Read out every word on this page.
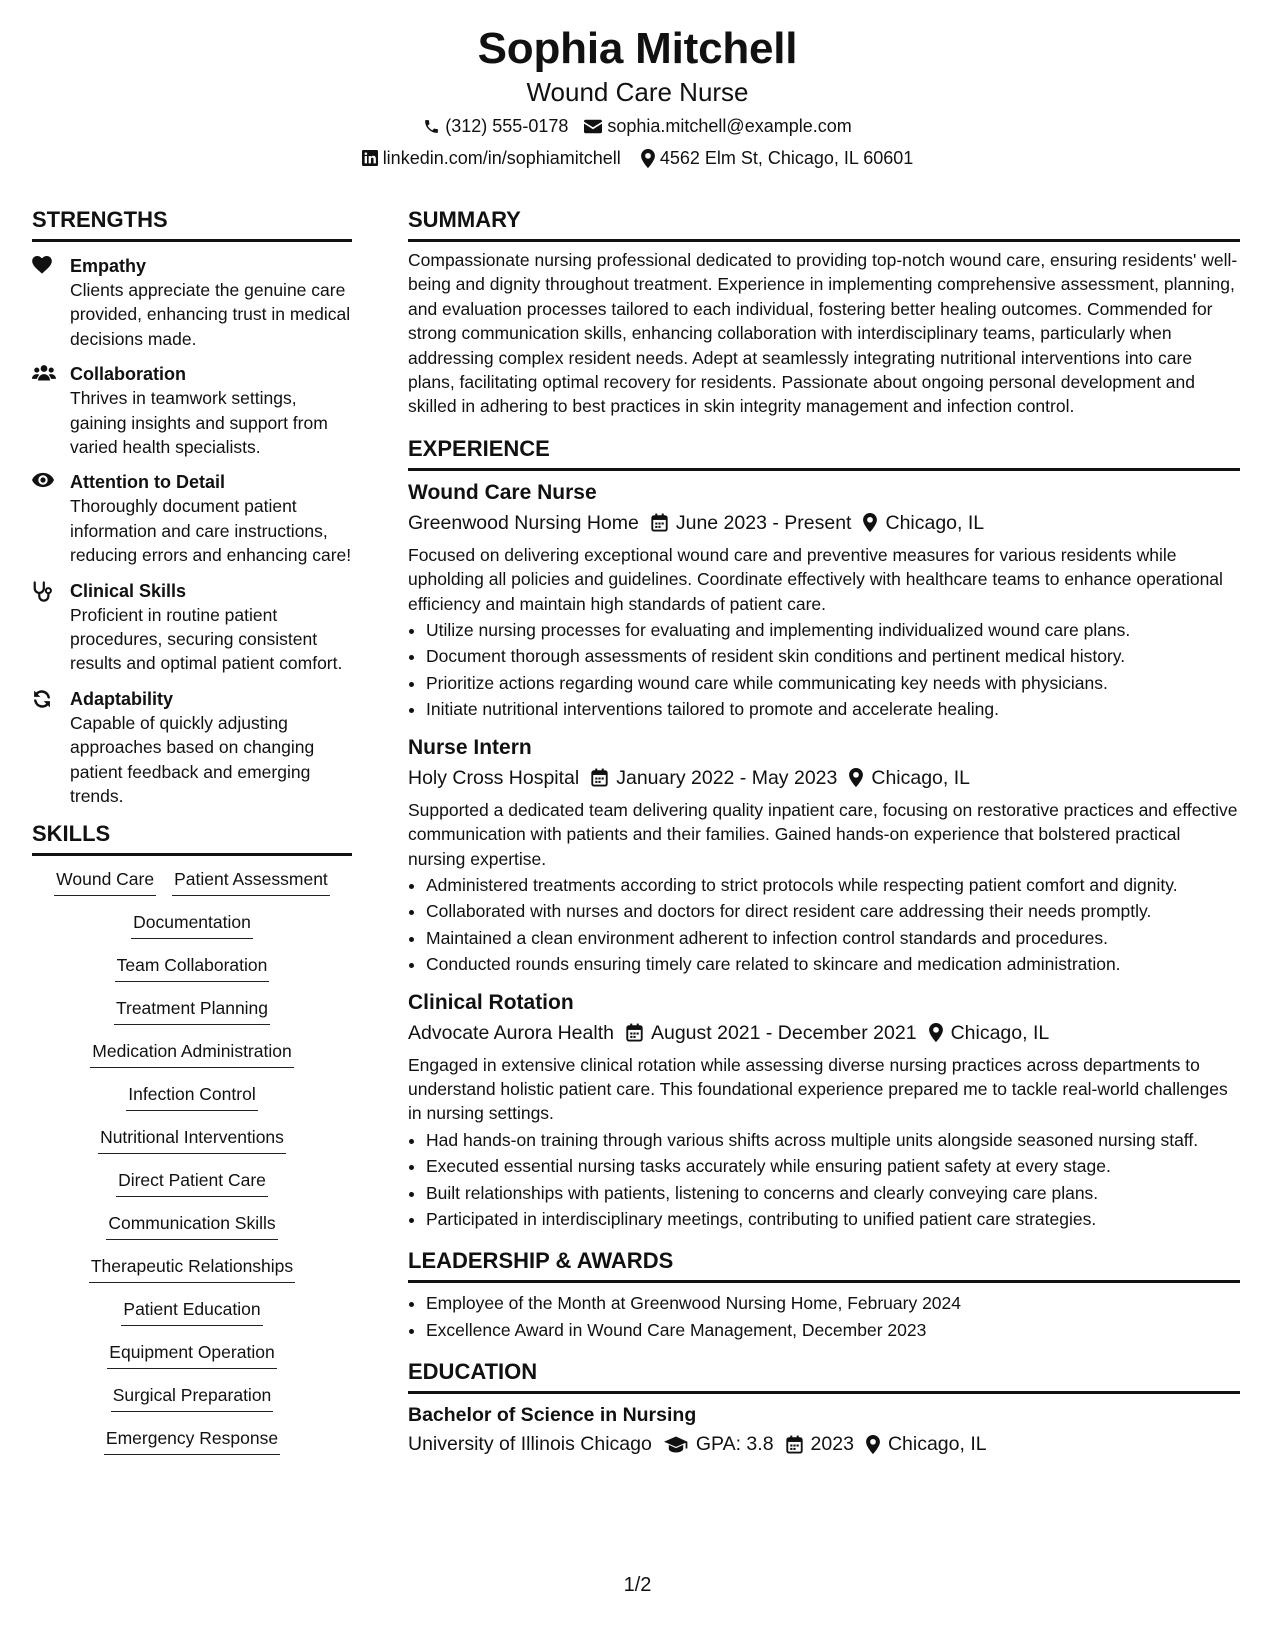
Sophia Mitchell
Wound Care Nurse
(312) 555-0178 sophia.mitchell@example.com
linkedin.com/in/sophiamitchell 4562 Elm St, Chicago, IL 60601
STRENGTHS
Empathy
Clients appreciate the genuine care provided, enhancing trust in medical decisions made.
Collaboration
Thrives in teamwork settings, gaining insights and support from varied health specialists.
Attention to Detail
Thoroughly document patient information and care instructions, reducing errors and enhancing care!
Clinical Skills
Proficient in routine patient procedures, securing consistent results and optimal patient comfort.
Adaptability
Capable of quickly adjusting approaches based on changing patient feedback and emerging trends.
SKILLS
Wound Care Patient Assessment
Documentation
Team Collaboration
Treatment Planning
Medication Administration
Infection Control
Nutritional Interventions
Direct Patient Care
Communication Skills
Therapeutic Relationships
Patient Education
Equipment Operation
Surgical Preparation
Emergency Response
SUMMARY
Compassionate nursing professional dedicated to providing top-notch wound care, ensuring residents' well-being and dignity throughout treatment. Experience in implementing comprehensive assessment, planning, and evaluation processes tailored to each individual, fostering better healing outcomes. Commended for strong communication skills, enhancing collaboration with interdisciplinary teams, particularly when addressing complex resident needs. Adept at seamlessly integrating nutritional interventions into care plans, facilitating optimal recovery for residents. Passionate about ongoing personal development and skilled in adhering to best practices in skin integrity management and infection control.
EXPERIENCE
Wound Care Nurse
Greenwood Nursing Home June 2023 - Present Chicago, IL
Focused on delivering exceptional wound care and preventive measures for various residents while upholding all policies and guidelines. Coordinate effectively with healthcare teams to enhance operational efficiency and maintain high standards of patient care.
• Utilize nursing processes for evaluating and implementing individualized wound care plans.
• Document thorough assessments of resident skin conditions and pertinent medical history.
• Prioritize actions regarding wound care while communicating key needs with physicians.
• Initiate nutritional interventions tailored to promote and accelerate healing.
Nurse Intern
Holy Cross Hospital January 2022 - May 2023 Chicago, IL
Supported a dedicated team delivering quality inpatient care, focusing on restorative practices and effective communication with patients and their families. Gained hands-on experience that bolstered practical nursing expertise.
• Administered treatments according to strict protocols while respecting patient comfort and dignity.
• Collaborated with nurses and doctors for direct resident care addressing their needs promptly.
• Maintained a clean environment adherent to infection control standards and procedures.
• Conducted rounds ensuring timely care related to skincare and medication administration.
Clinical Rotation
Advocate Aurora Health August 2021 - December 2021 Chicago, IL
Engaged in extensive clinical rotation while assessing diverse nursing practices across departments to understand holistic patient care. This foundational experience prepared me to tackle real-world challenges in nursing settings.
• Had hands-on training through various shifts across multiple units alongside seasoned nursing staff.
• Executed essential nursing tasks accurately while ensuring patient safety at every stage.
• Built relationships with patients, listening to concerns and clearly conveying care plans.
• Participated in interdisciplinary meetings, contributing to unified patient care strategies.
LEADERSHIP & AWARDS
• Employee of the Month at Greenwood Nursing Home, February 2024
• Excellence Award in Wound Care Management, December 2023
EDUCATION
Bachelor of Science in Nursing
University of Illinois Chicago GPA: 3.8 2023 Chicago, IL
1/2
